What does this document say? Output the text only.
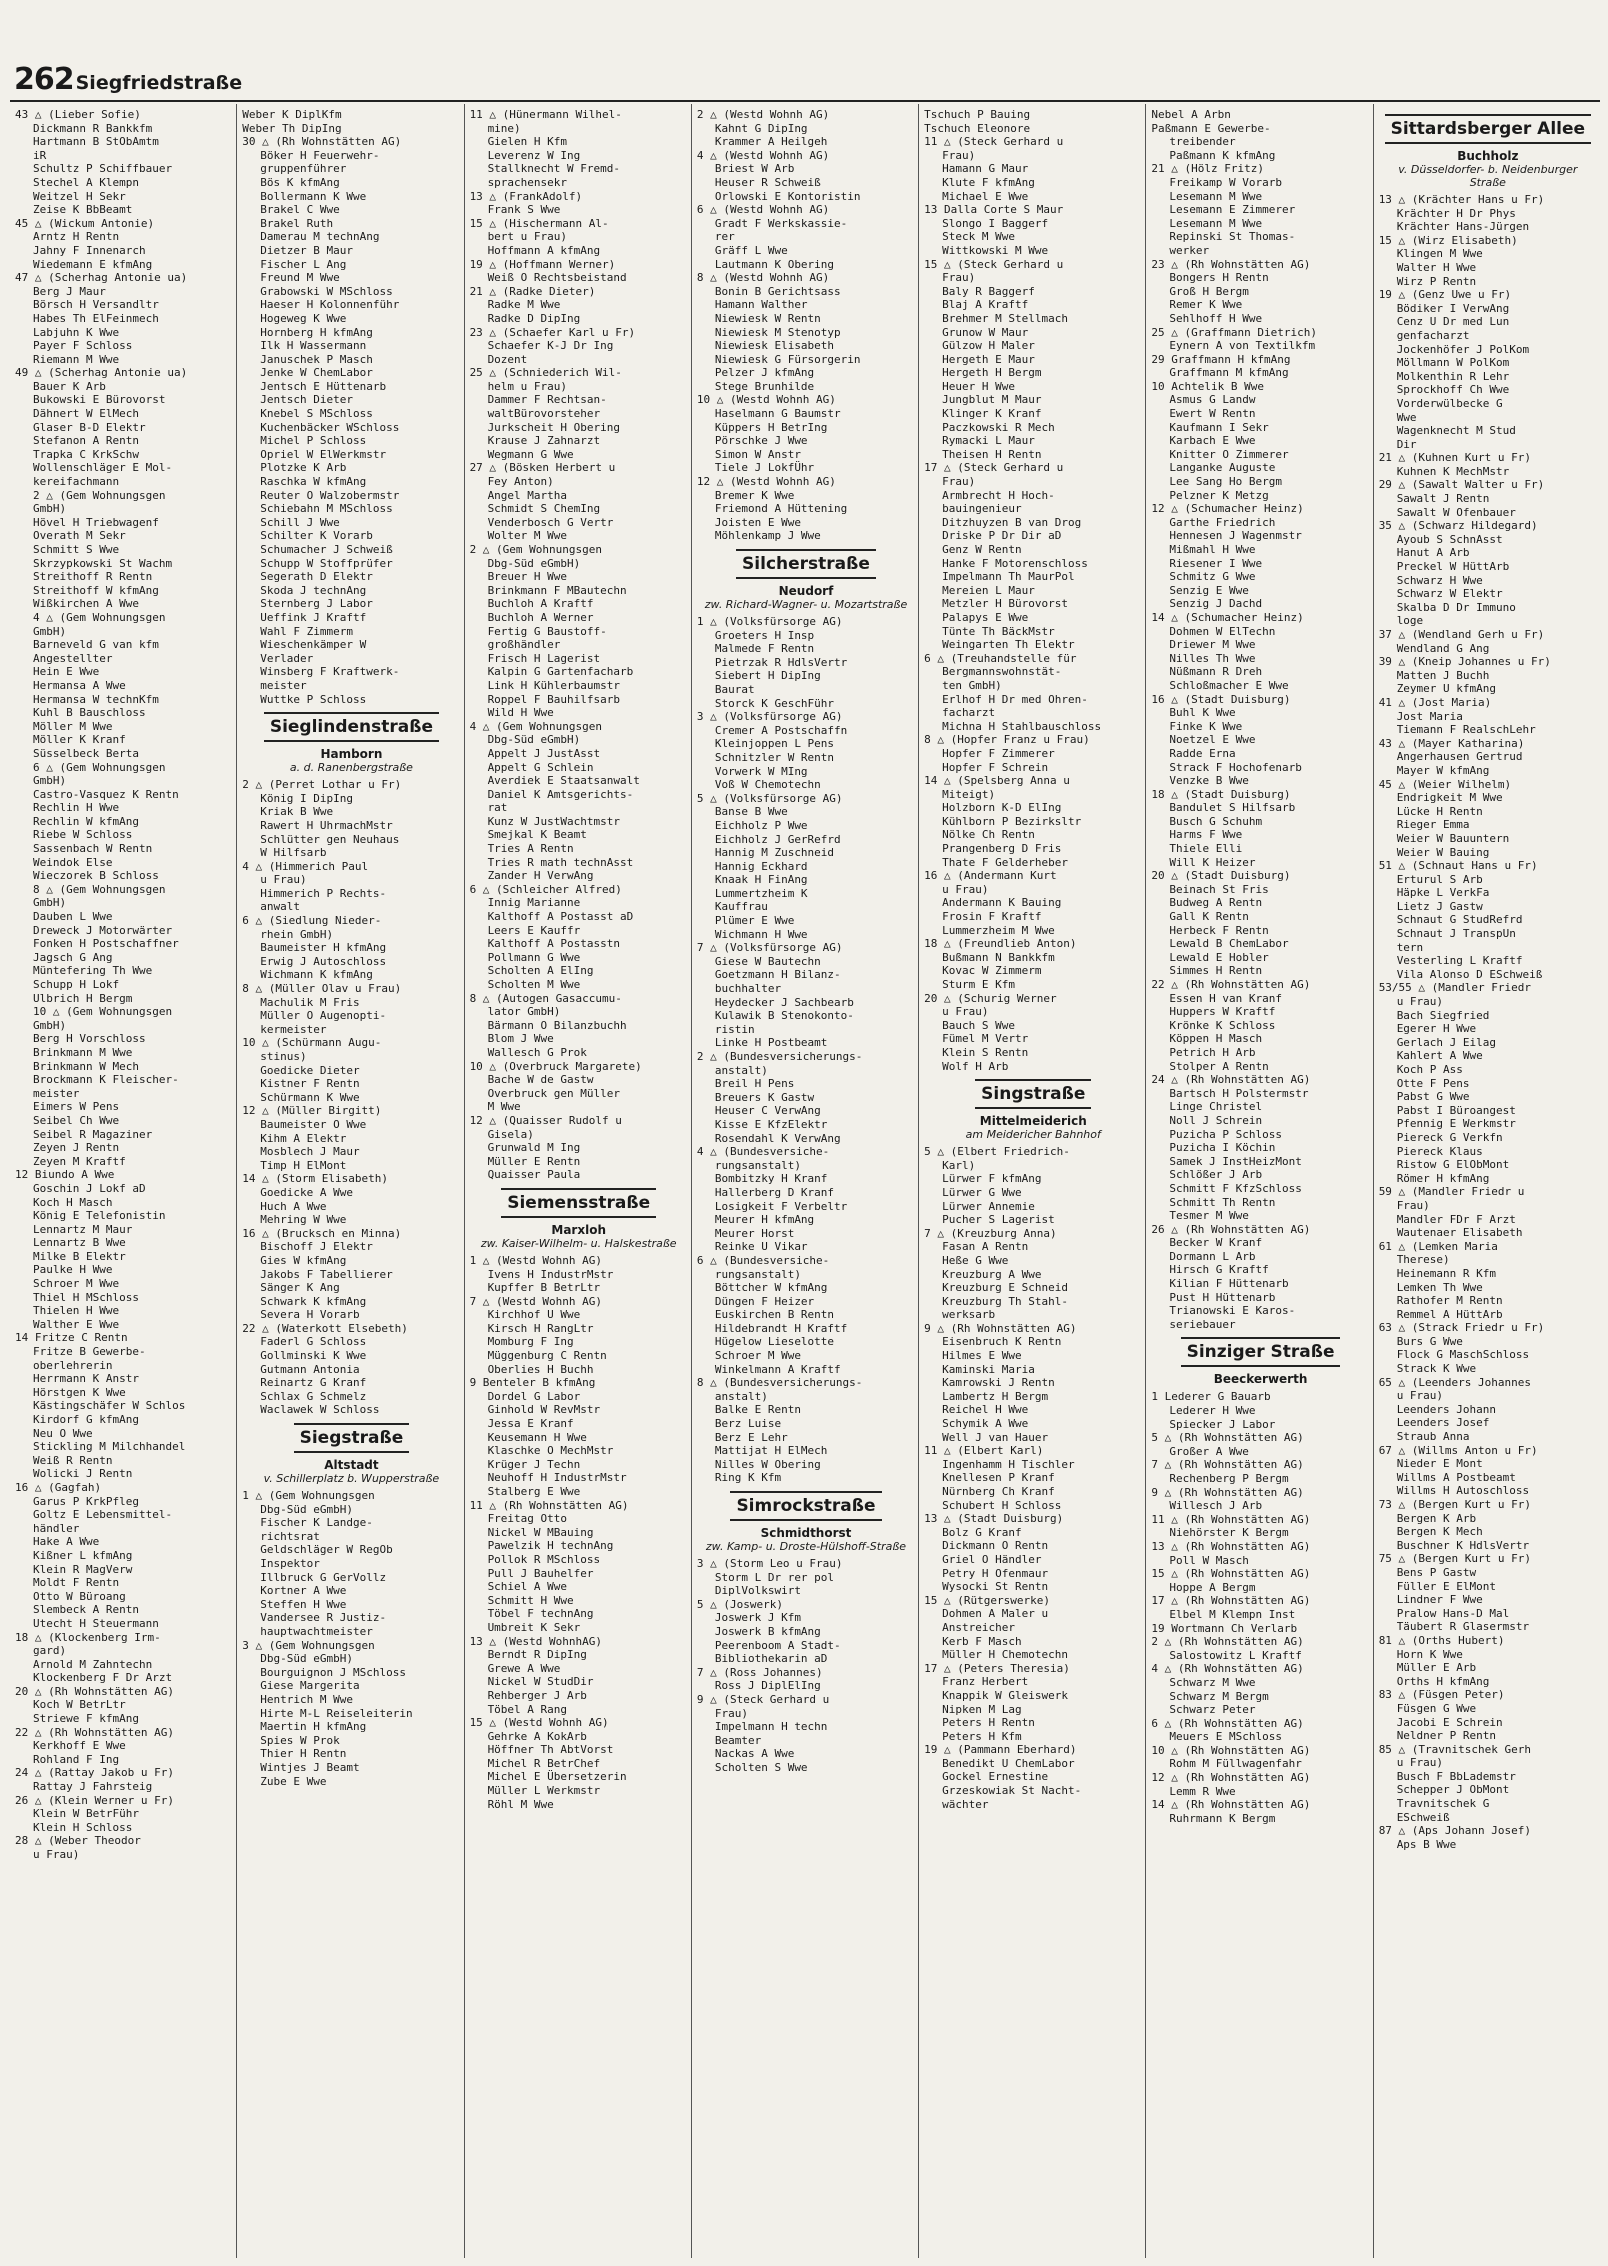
262 Siegfriedstraße
43 △ (Lieber Sofie)
Dickmann R Bankkfm
Hartmann B StObAmtm
iR
Schultz P Schiffbauer
Stechel A Klempn
Weitzel H Sekr
Zeise K BbBeamt
45 △ (Wickum Antonie)
Arntz H Rentn
Jahny F Innenarch
Wiedemann E kfmAng
47 △ (Scherhag Antonie ua)
Berg J Maur
Börsch H Versandltr
Habes Th ElFeinmech
Labjuhn K Wwe
Payer F Schloss
Riemann M Wwe
49 △ (Scherhag Antonie ua)
Bauer K Arb
Bukowski E Bürovorst
Dähnert W ElMech
Glaser B-D Elektr
Stefanon A Rentn
Trapka C KrkSchw
Wollenschläger E Mol-
kereifachmann
2 △ (Gem Wohnungsgen
GmbH)
Hövel H Triebwagenf
Overath M Sekr
Schmitt S Wwe
Skrzypkowski St Wachm
Streithoff R Rentn
Streithoff W kfmAng
Wißkirchen A Wwe
4 △ (Gem Wohnungsgen
GmbH)
Barneveld G van kfm
Angestellter
Hein E Wwe
Hermansa A Wwe
Hermansa W technKfm
Kuhl B Bauschloss
Möller M Wwe
Möller K Kranf
Süsselbeck Berta
6 △ (Gem Wohnungsgen
GmbH)
Castro-Vasquez K Rentn
Rechlin H Wwe
Rechlin W kfmAng
Riebe W Schloss
Sassenbach W Rentn
Weindok Else
Wieczorek B Schloss
8 △ (Gem Wohnungsgen
GmbH)
Dauben L Wwe
Dreweck J Motorwärter
Fonken H Postschaffner
Jagsch G Ang
Müntefering Th Wwe
Schupp H Lokf
Ulbrich H Bergm
10 △ (Gem Wohnungsgen
GmbH)
Berg H Vorschloss
Brinkmann M Wwe
Brinkmann W Mech
Brockmann K Fleischer-
meister
Eimers W Pens
Seibel Ch Wwe
Seibel R Magaziner
Zeyen J Rentn
Zeyen M Kraftf
12 Biundo A Wwe
Goschin J Lokf aD
Koch H Masch
König E Telefonistin
Lennartz M Maur
Lennartz B Wwe
Milke B Elektr
Paulke H Wwe
Schroer M Wwe
Thiel H MSchloss
Thielen H Wwe
Walther E Wwe
14 Fritze C Rentn
Fritze B Gewerbe-
oberlehrerin
Herrmann K Anstr
Hörstgen K Wwe
Kästingschäfer W Schlos
Kirdorf G kfmAng
Neu O Wwe
Stickling M Milchhandel
Weiß R Rentn
Wolicki J Rentn
16 △ (Gagfah)
Garus P KrkPfleg
Goltz E Lebensmittel-
händler
Hake A Wwe
Kißner L kfmAng
Klein R MagVerw
Moldt F Rentn
Otto W Büroang
Slembeck A Rentn
Utecht H Steuermann
18 △ (Klockenberg Irm-
gard)
Arnold M Zahntechn
Klockenberg F Dr Arzt
20 △ (Rh Wohnstätten AG)
Koch W BetrLtr
Striewe F kfmAng
22 △ (Rh Wohnstätten AG)
Kerkhoff E Wwe
Rohland F Ing
24 △ (Rattay Jakob u Fr)
Rattay J Fahrsteig
26 △ (Klein Werner u Fr)
Klein W BetrFühr
Klein H Schloss
28 △ (Weber Theodor
u Frau)
Weber K DiplKfm
Weber Th DipIng
30 △ (Rh Wohnstätten AG)
Böker H Feuerwehr-
gruppenführer
Bös K kfmAng
Bollermann K Wwe
Brakel C Wwe
Brakel Ruth
Damerau M technAng
Dietzer B Maur
Fischer L Ang
Freund M Wwe
Grabowski W MSchloss
Haeser H Kolonnenführ
Hogeweg K Wwe
Hornberg H kfmAng
Ilk H Wassermann
Januschek P Masch
Jenke W ChemLabor
Jentsch E Hüttenarb
Jentsch Dieter
Knebel S MSchloss
Kuchenbäcker WSchloss
Michel P Schloss
Opriel W ElWerkmstr
Plotzke K Arb
Raschka W kfmAng
Reuter O Walzobermstr
Schiebahn M MSchloss
Schill J Wwe
Schilter K Vorarb
Schumacher J Schweiß
Schupp W Stoffprüfer
Segerath D Elektr
Skoda J technAng
Sternberg J Labor
Ueffink J Kraftf
Wahl F Zimmerm
Wieschenkämper W
Verlader
Winsberg F Kraftwerk-
meister
Wuttke P Schloss
Sieglindenstraße
Hamborn
a. d. Ranenbergstraße
2 △ (Perret Lothar u Fr)
König I DipIng
Kriak B Wwe
Rawert H UhrmachMstr
Schlütter gen Neuhaus
W Hilfsarb
4 △ (Himmerich Paul
u Frau)
Himmerich P Rechts-
anwalt
6 △ (Siedlung Nieder-
rhein GmbH)
Baumeister H kfmAng
Erwig J Autoschloss
Wichmann K kfmAng
8 △ (Müller Olav u Frau)
Machulik M Fris
Müller O Augenopti-
kermeister
10 △ (Schürmann Augu-
stinus)
Goedicke Dieter
Kistner F Rentn
Schürmann K Wwe
12 △ (Müller Birgitt)
Baumeister O Wwe
Kihm A Elektr
Mosblech J Maur
Timp H ElMont
14 △ (Storm Elisabeth)
Goedicke A Wwe
Huch A Wwe
Mehring W Wwe
16 △ (Brucksch en Minna)
Bischoff J Elektr
Gies W kfmAng
Jakobs F Tabellierer
Sänger K Ang
Schwark K kfmAng
Severa H Vorarb
22 △ (Waterkott Elsebeth)
Faderl G Schloss
Gollminski K Wwe
Gutmann Antonia
Reinartz G Kranf
Schlax G Schmelz
Waclawek W Schloss
Siegstraße
Altstadt
v. Schillerplatz b. Wupperstraße
1 △ (Gem Wohnungsgen
Dbg-Süd eGmbH)
Fischer K Landge-
richtsrat
Geldschläger W RegOb
Inspektor
Illbruck G GerVollz
Kortner A Wwe
Steffen H Wwe
Vandersee R Justiz-
hauptwachtmeister
3 △ (Gem Wohnungsgen
Dbg-Süd eGmbH)
Bourguignon J MSchloss
Giese Margerita
Hentrich M Wwe
Hirte M-L Reiseleiterin
Maertin H kfmAng
Spies W Prok
Thier H Rentn
Wintjes J Beamt
Zube E Wwe
11 △ (Hünermann Wilhel-
mine)
Gielen H Kfm
Leverenz W Ing
Stallknecht W Fremd-
sprachensekr
13 △ (FrankAdolf)
Frank S Wwe
15 △ (Hischermann Al-
bert u Frau)
Hoffmann A kfmAng
19 △ (Hoffmann Werner)
Weiß O Rechtsbeistand
21 △ (Radke Dieter)
Radke M Wwe
Radke D DipIng
23 △ (Schaefer Karl u Fr)
Schaefer K-J Dr Ing
Dozent
25 △ (Schniederich Wil-
helm u Frau)
Dammer F Rechtsan-
waltBürovorsteher
Jurkscheit H Obering
Krause J Zahnarzt
Wegmann G Wwe
27 △ (Bösken Herbert u
Fey Anton)
Angel Martha
Schmidt S ChemIng
Venderbosch G Vertr
Wolter M Wwe
2 △ (Gem Wohnungsgen
Dbg-Süd eGmbH)
Breuer H Wwe
Brinkmann F MBautechn
Buchloh A Kraftf
Buchloh A Werner
Fertig G Baustoff-
großhändler
Frisch H Lagerist
Kalpin G Gartenfacharb
Link H Kühlerbaumstr
Roppel F Bauhilfsarb
Wild H Wwe
4 △ (Gem Wohnungsgen
Dbg-Süd eGmbH)
Appelt J JustAsst
Appelt G Schlein
Averdiek E Staatsanwalt
Daniel K Amtsgerichts-
rat
Kunz W JustWachtmstr
Smejkal K Beamt
Tries A Rentn
Tries R math technAsst
Zander H VerwAng
6 △ (Schleicher Alfred)
Innig Marianne
Kalthoff A Postasst aD
Leers E Kauffr
Kalthoff A Postasstn
Pollmann G Wwe
Scholten A ElIng
Scholten M Wwe
8 △ (Autogen Gasaccumu-
lator GmbH)
Bärmann O Bilanzbuchh
Blom J Wwe
Wallesch G Prok
10 △ (Overbruck Margarete)
Bache W de Gastw
Overbruck gen Müller
M Wwe
12 △ (Quaisser Rudolf u
Gisela)
Grunwald M Ing
Müller E Rentn
Quaisser Paula
Siemensstraße
Marxloh
zw. Kaiser-Wilhelm- u. Halskestraße
1 △ (Westd Wohnh AG)
Ivens H IndustrMstr
Kupffer B BetrLtr
7 △ (Westd Wohnh AG)
Kirchhof U Wwe
Kirsch H RangLtr
Momburg F Ing
Müggenburg C Rentn
Oberlies H Buchh
9 Benteler B kfmAng
Dordel G Labor
Ginhold W RevMstr
Jessa E Kranf
Keusemann H Wwe
Klaschke O MechMstr
Krüger J Techn
Neuhoff H IndustrMstr
Stalberg E Wwe
11 △ (Rh Wohnstätten AG)
Freitag Otto
Nickel W MBauing
Pawelzik H technAng
Pollok R MSchloss
Pull J Bauhelfer
Schiel A Wwe
Schmitt H Wwe
Töbel F technAng
Umbreit K Sekr
13 △ (Westd WohnhAG)
Berndt R DipIng
Grewe A Wwe
Nickel W StudDir
Rehberger J Arb
Töbel A Rang
15 △ (Westd Wohnh AG)
Gehrke A KokArb
Höffner Th AbtVorst
Michel R BetrChef
Michel E Übersetzerin
Müller L Werkmstr
Röhl M Wwe
2 △ (Westd Wohnh AG)
Kahnt G DipIng
Krammer A Heilgeh
4 △ (Westd Wohnh AG)
Briest W Arb
Heuser R Schweiß
Orlowski E Kontoristin
6 △ (Westd Wohnh AG)
Gradt F Werkskassie-
rer
Gräff L Wwe
Lautmann K Obering
8 △ (Westd Wohnh AG)
Bonin B Gerichtsass
Hamann Walther
Niewiesk W Rentn
Niewiesk M Stenotyp
Niewiesk Elisabeth
Niewiesk G Fürsorgerin
Pelzer J kfmAng
Stege Brunhilde
10 △ (Westd Wohnh AG)
Haselmann G Baumstr
Küppers H BetrIng
Pörschke J Wwe
Simon W Anstr
Tiele J LokfÜhr
12 △ (Westd Wohnh AG)
Bremer K Wwe
Friemond A Hüttening
Joisten E Wwe
Möhlenkamp J Wwe
Silcherstraße
Neudorf
zw. Richard-Wagner- u. Mozartstraße
1 △ (Volksfürsorge AG)
Groeters H Insp
Malmede F Rentn
Pietrzak R HdlsVertr
Siebert H DipIng
Baurat
Storck K GeschFühr
3 △ (Volksfürsorge AG)
Cremer A Postschaffn
Kleinjoppen L Pens
Schnitzler W Rentn
Vorwerk W MIng
Voß W Chemotechn
5 △ (Volksfürsorge AG)
Banse B Wwe
Eichholz P Wwe
Eichholz J GerRefrd
Hannig M Zuschneid
Hannig Eckhard
Knaak H FinAng
Lummertzheim K
Kauffrau
Plümer E Wwe
Wichmann H Wwe
7 △ (Volksfürsorge AG)
Giese W Bautechn
Goetzmann H Bilanz-
buchhalter
Heydecker J Sachbearb
Kulawik B Stenokonto-
ristin
Linke H Postbeamt
2 △ (Bundesversicherungs-
anstalt)
Breil H Pens
Breuers K Gastw
Heuser C VerwAng
Kisse E KfzElektr
Rosendahl K VerwAng
4 △ (Bundesversiche-
rungsanstalt)
Bombitzky H Kranf
Hallerberg D Kranf
Losigkeit F Verbeltr
Meurer H kfmAng
Meurer Horst
Reinke U Vikar
6 △ (Bundesversiche-
rungsanstalt)
Böttcher W kfmAng
Düngen F Heizer
Euskirchen B Rentn
Hildebrandt H Kraftf
Hügelow Lieselotte
Schroer M Wwe
Winkelmann A Kraftf
8 △ (Bundesversicherungs-
anstalt)
Balke E Rentn
Berz Luise
Berz E Lehr
Mattijat H ElMech
Nilles W Obering
Ring K Kfm
Simrockstraße
Schmidthorst
zw. Kamp- u. Droste-Hülshoff-Straße
3 △ (Storm Leo u Frau)
Storm L Dr rer pol
DiplVolkswirt
5 △ (Joswerk)
Joswerk J Kfm
Joswerk B kfmAng
Peerenboom A Stadt-
Bibliothekarin aD
7 △ (Ross Johannes)
Ross J DiplElIng
9 △ (Steck Gerhard u
Frau)
Impelmann H techn
Beamter
Nackas A Wwe
Scholten S Wwe
Tschuch P Bauing
Tschuch Eleonore
11 △ (Steck Gerhard u
Frau)
Hamann G Maur
Klute F kfmAng
Michael E Wwe
13 Dalla Corte S Maur
Slongo I Baggerf
Steck M Wwe
Wittkowski M Wwe
15 △ (Steck Gerhard u
Frau)
Baly R Baggerf
Blaj A Kraftf
Brehmer M Stellmach
Grunow W Maur
Gülzow H Maler
Hergeth E Maur
Hergeth H Bergm
Heuer H Wwe
Jungblut M Maur
Klinger K Kranf
Paczkowski R Mech
Rymacki L Maur
Theisen H Rentn
17 △ (Steck Gerhard u
Frau)
Armbrecht H Hoch-
bauingenieur
Ditzhuyzen B van Drog
Driske P Dr Dir aD
Genz W Rentn
Hanke F Motorenschloss
Impelmann Th MaurPol
Mereien L Maur
Metzler H Bürovorst
Palapys E Wwe
Tünte Th BäckMstr
Weingarten Th Elektr
6 △ (Treuhandstelle für
Bergmannswohnstät-
ten GmbH)
Erlhof H Dr med Ohren-
facharzt
Michna H Stahlbauschloss
8 △ (Hopfer Franz u Frau)
Hopfer F Zimmerer
Hopfer F Schrein
14 △ (Spelsberg Anna u
Miteigt)
Holzborn K-D ElIng
Kühlborn P Bezirksltr
Nölke Ch Rentn
Prangenberg D Fris
Thate F Gelderheber
16 △ (Andermann Kurt
u Frau)
Andermann K Bauing
Frosin F Kraftf
Lummerzheim M Wwe
18 △ (Freundlieb Anton)
Bußmann N Bankkfm
Kovac W Zimmerm
Sturm E Kfm
20 △ (Schurig Werner
u Frau)
Bauch S Wwe
Fümel M Vertr
Klein S Rentn
Wolf H Arb
Singstraße
Mittelmeiderich
am Meidericher Bahnhof
5 △ (Elbert Friedrich-
Karl)
Lürwer F kfmAng
Lürwer G Wwe
Lürwer Annemie
Pucher S Lagerist
7 △ (Kreuzburg Anna)
Fasan A Rentn
Heße G Wwe
Kreuzburg A Wwe
Kreuzburg E Schneid
Kreuzburg Th Stahl-
werksarb
9 △ (Rh Wohnstätten AG)
Eisenbruch K Rentn
Hilmes E Wwe
Kaminski Maria
Kamrowski J Rentn
Lambertz H Bergm
Reichel H Wwe
Schymik A Wwe
Well J van Hauer
11 △ (Elbert Karl)
Ingenhamm H Tischler
Knellesen P Kranf
Nürnberg Ch Kranf
Schubert H Schloss
13 △ (Stadt Duisburg)
Bolz G Kranf
Dickmann O Rentn
Griel O Händler
Petry H Ofenmaur
Wysocki St Rentn
15 △ (Rütgerswerke)
Dohmen A Maler u
Anstreicher
Kerb F Masch
Müller H Chemotechn
17 △ (Peters Theresia)
Franz Herbert
Knappik W Gleiswerk
Nipken M Lag
Peters H Rentn
Peters H Kfm
19 △ (Pammann Eberhard)
Benedikt U ChemLabor
Gockel Ernestine
Grzeskowiak St Nacht-
wächter
Nebel A Arbn
Paßmann E Gewerbe-
treibender
Paßmann K kfmAng
21 △ (Hölz Fritz)
Freikamp W Vorarb
Lesemann M Wwe
Lesemann E Zimmerer
Lesemann M Wwe
Repinski St Thomas-
werker
23 △ (Rh Wohnstätten AG)
Bongers H Rentn
Groß H Bergm
Remer K Wwe
Sehlhoff H Wwe
25 △ (Graffmann Dietrich)
Eynern A von Textilkfm
29 Graffmann H kfmAng
Graffmann M kfmAng
10 Achtelik B Wwe
Asmus G Landw
Ewert W Rentn
Kaufmann I Sekr
Karbach E Wwe
Knitter O Zimmerer
Langanke Auguste
Lee Sang Ho Bergm
Pelzner K Metzg
12 △ (Schumacher Heinz)
Garthe Friedrich
Hennesen J Wagenmstr
Mißmahl H Wwe
Riesener I Wwe
Schmitz G Wwe
Senzig E Wwe
Senzig J Dachd
14 △ (Schumacher Heinz)
Dohmen W ElTechn
Driewer M Wwe
Nilles Th Wwe
Nüßmann R Dreh
Schloßmacher E Wwe
16 △ (Stadt Duisburg)
Buhl K Wwe
Finke K Wwe
Noetzel E Wwe
Radde Erna
Strack F Hochofenarb
Venzke B Wwe
18 △ (Stadt Duisburg)
Bandulet S Hilfsarb
Busch G Schuhm
Harms F Wwe
Thiele Elli
Will K Heizer
20 △ (Stadt Duisburg)
Beinach St Fris
Budweg A Rentn
Gall K Rentn
Herbeck F Rentn
Lewald B ChemLabor
Lewald E Hobler
Simmes H Rentn
22 △ (Rh Wohnstätten AG)
Essen H van Kranf
Huppers W Kraftf
Krönke K Schloss
Köppen H Masch
Petrich H Arb
Stolper A Rentn
24 △ (Rh Wohnstätten AG)
Bartsch H Polstermstr
Linge Christel
Noll J Schrein
Puzicha P Schloss
Puzicha I Köchin
Samek J InstHeizMont
Schlößer J Arb
Schmitt F KfzSchloss
Schmitt Th Rentn
Tesmer M Wwe
26 △ (Rh Wohnstätten AG)
Becker W Kranf
Dormann L Arb
Hirsch G Kraftf
Kilian F Hüttenarb
Pust H Hüttenarb
Trianowski E Karos-
seriebauer
Sinziger Straße
Beeckerwerth
1 Lederer G Bauarb
Lederer H Wwe
Spiecker J Labor
5 △ (Rh Wohnstätten AG)
Großer A Wwe
7 △ (Rh Wohnstätten AG)
Rechenberg P Bergm
9 △ (Rh Wohnstätten AG)
Willesch J Arb
11 △ (Rh Wohnstätten AG)
Niehörster K Bergm
13 △ (Rh Wohnstätten AG)
Poll W Masch
15 △ (Rh Wohnstätten AG)
Hoppe A Bergm
17 △ (Rh Wohnstätten AG)
Elbel M Klempn Inst
19 Wortmann Ch Verlarb
2 △ (Rh Wohnstätten AG)
Salostowitz L Kraftf
4 △ (Rh Wohnstätten AG)
Schwarz M Wwe
Schwarz M Bergm
Schwarz Peter
6 △ (Rh Wohnstätten AG)
Meuers E MSchloss
10 △ (Rh Wohnstätten AG)
Rohm M Füllwagenfahr
12 △ (Rh Wohnstätten AG)
Lemm R Wwe
14 △ (Rh Wohnstätten AG)
Ruhrmann K Bergm
Sittardsberger Allee
Buchholz
v. Düsseldorfer- b. Neidenburger Straße
13 △ (Krächter Hans u Fr)
Krächter H Dr Phys
Krächter Hans-Jürgen
15 △ (Wirz Elisabeth)
Klingen M Wwe
Walter H Wwe
Wirz P Rentn
19 △ (Genz Uwe u Fr)
Bödiker I VerwAng
Cenz U Dr med Lun
genfacharzt
Jockenhöfer J PolKom
Möllmann W PolKom
Molkenthin R Lehr
Sprockhoff Ch Wwe
Vorderwülbecke G
Wwe
Wagenknecht M Stud
Dir
21 △ (Kuhnen Kurt u Fr)
Kuhnen K MechMstr
29 △ (Sawalt Walter u Fr)
Sawalt J Rentn
Sawalt W Ofenbauer
35 △ (Schwarz Hildegard)
Ayoub S SchnAsst
Hanut A Arb
Preckel W HüttArb
Schwarz H Wwe
Schwarz W Elektr
Skalba D Dr Immuno
loge
37 △ (Wendland Gerh u Fr)
Wendland G Ang
39 △ (Kneip Johannes u Fr)
Matten J Buchh
Zeymer U kfmAng
41 △ (Jost Maria)
Jost Maria
Tiemann F RealschLehr
43 △ (Mayer Katharina)
Angerhausen Gertrud
Mayer W kfmAng
45 △ (Weier Wilhelm)
Endrigkeit M Wwe
Lücke H Rentn
Rieger Emma
Weier W Bauuntern
Weier W Bauing
51 △ (Schnaut Hans u Fr)
Erturul S Arb
Häpke L VerkFa
Lietz J Gastw
Schnaut G StudRefrd
Schnaut J TranspUn
tern
Vesterling L Kraftf
Vila Alonso D ESchweiß
53/55 △ (Mandler Friedr
u Frau)
Bach Siegfried
Egerer H Wwe
Gerlach J Eilag
Kahlert A Wwe
Koch P Ass
Otte F Pens
Pabst G Wwe
Pabst I Büroangest
Pfennig E Werkmstr
Piereck G Verkfn
Piereck Klaus
Ristow G ElObMont
Römer H kfmAng
59 △ (Mandler Friedr u
Frau)
Mandler FDr F Arzt
Wautenaer Elisabeth
61 △ (Lemken Maria
Therese)
Heinemann R Kfm
Lemken Th Wwe
Rathofer M Rentn
Remmel A HüttArb
63 △ (Strack Friedr u Fr)
Burs G Wwe
Flock G MaschSchloss
Strack K Wwe
65 △ (Leenders Johannes
u Frau)
Leenders Johann
Leenders Josef
Straub Anna
67 △ (Willms Anton u Fr)
Nieder E Mont
Willms A Postbeamt
Willms H Autoschloss
73 △ (Bergen Kurt u Fr)
Bergen K Arb
Bergen K Mech
Buschner K HdlsVertr
75 △ (Bergen Kurt u Fr)
Bens P Gastw
Füller E ElMont
Lindner F Wwe
Pralow Hans-D Mal
Täubert R Glasermstr
81 △ (Orths Hubert)
Horn K Wwe
Müller E Arb
Orths H kfmAng
83 △ (Füsgen Peter)
Füsgen G Wwe
Jacobi E Schrein
Neldner P Rentn
85 △ (Travnitschek Gerh
u Frau)
Busch F BbLademstr
Schepper J ObMont
Travnitschek G
ESchweiß
87 △ (Aps Johann Josef)
Aps B Wwe
